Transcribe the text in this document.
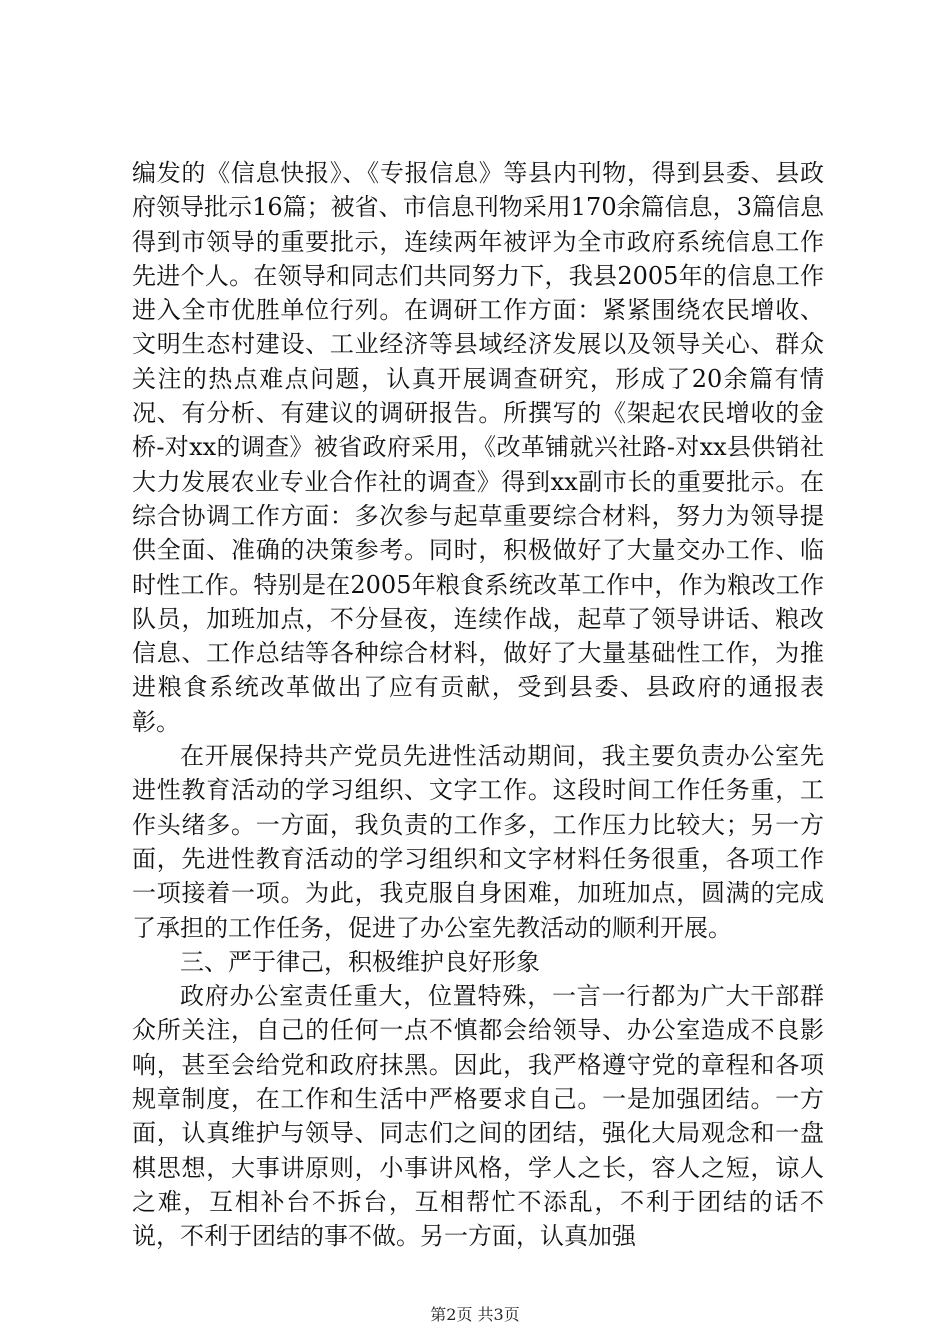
编发的《信息快报》、《专报信息》等县内刊物，得到县委、县政府领导批示16篇；被省、市信息刊物采用170余篇信息，3篇信息得到市领导的重要批示，连续两年被评为全市政府系统信息工作先进个人。在领导和同志们共同努力下，我县2005年的信息工作进入全市优胜单位行列。在调研工作方面：紧紧围绕农民增收、文明生态村建设、工业经济等县域经济发展以及领导关心、群众关注的热点难点问题，认真开展调查研究，形成了20余篇有情况、有分析、有建议的调研报告。所撰写的《架起农民增收的金桥-对xx的调查》被省政府采用，《改革铺就兴社路-对xx县供销社大力发展农业专业合作社的调查》得到xx副市长的重要批示。在综合协调工作方面：多次参与起草重要综合材料，努力为领导提供全面、准确的决策参考。同时，积极做好了大量交办工作、临时性工作。特别是在2005年粮食系统改革工作中，作为粮改工作队员，加班加点，不分昼夜，连续作战，起草了领导讲话、粮改信息、工作总结等各种综合材料，做好了大量基础性工作，为推进粮食系统改革做出了应有贡献，受到县委、县政府的通报表彰。

在开展保持共产党员先进性活动期间，我主要负责办公室先进性教育活动的学习组织、文字工作。这段时间工作任务重，工作头绪多。一方面，我负责的工作多，工作压力比较大；另一方面，先进性教育活动的学习组织和文字材料任务很重，各项工作一项接着一项。为此，我克服自身困难，加班加点，圆满的完成了承担的工作任务，促进了办公室先教活动的顺利开展。

三、严于律己，积极维护良好形象

政府办公室责任重大，位置特殊，一言一行都为广大干部群众所关注，自己的任何一点不慎都会给领导、办公室造成不良影响，甚至会给党和政府抹黑。因此，我严格遵守党的章程和各项规章制度，在工作和生活中严格要求自己。一是加强团结。一方面，认真维护与领导、同志们之间的团结，强化大局观念和一盘棋思想，大事讲原则，小事讲风格，学人之长，容人之短，谅人之难，互相补台不拆台，互相帮忙不添乱，不利于团结的话不说，不利于团结的事不做。另一方面，认真加强

第2页 共3页
